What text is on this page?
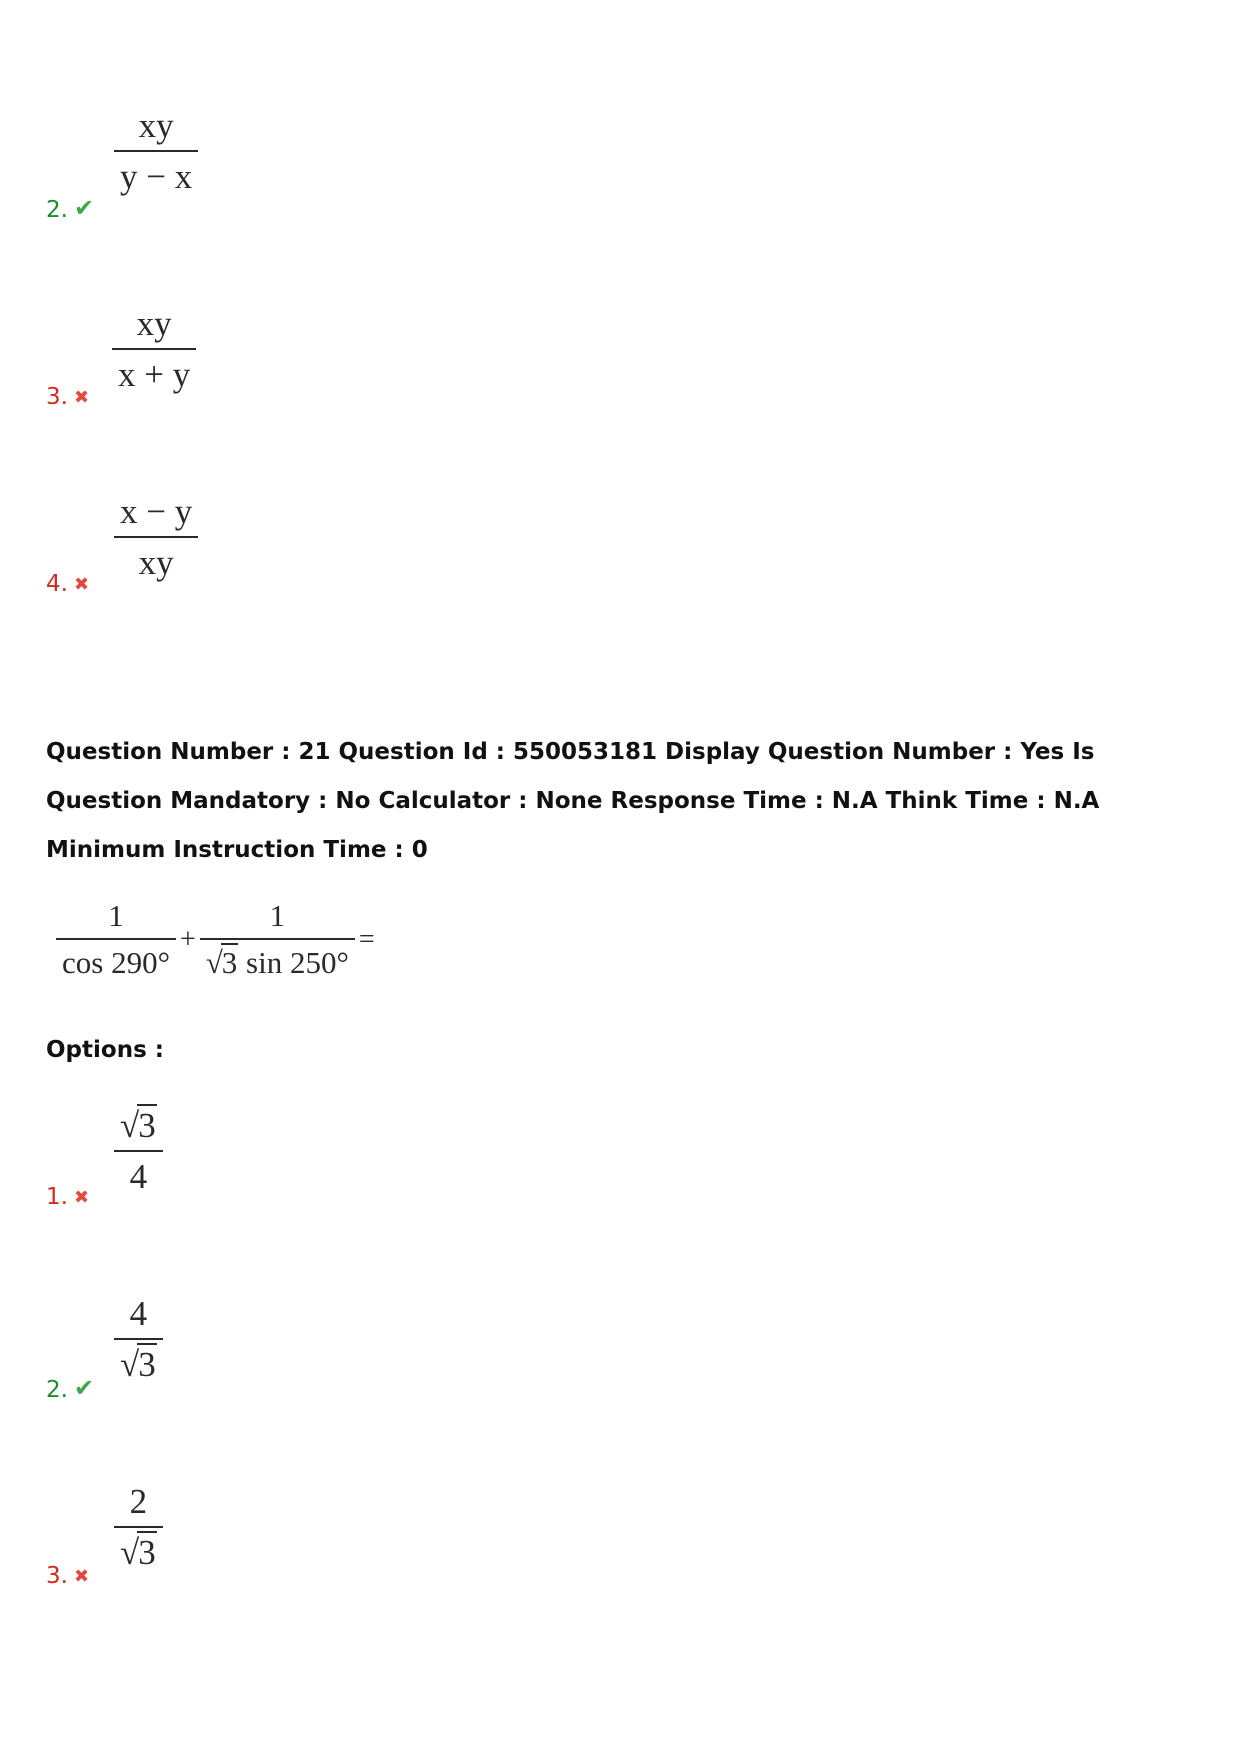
xy
y − x
2. ✔
xy
x + y
3. ✖
x − y
xy
4. ✖
Question Number : 21 Question Id : 550053181 Display Question Number : Yes Is Question Mandatory : No Calculator : None Response Time : N.A Think Time : N.A Minimum Instruction Time : 0
$\frac{1}{\cos 290^\circ} + \frac{1}{√3 \sin 250^\circ}$ =
Options :
√3
4
1. ✖
4
√3
2. ✔
2
√3
3. ✖
